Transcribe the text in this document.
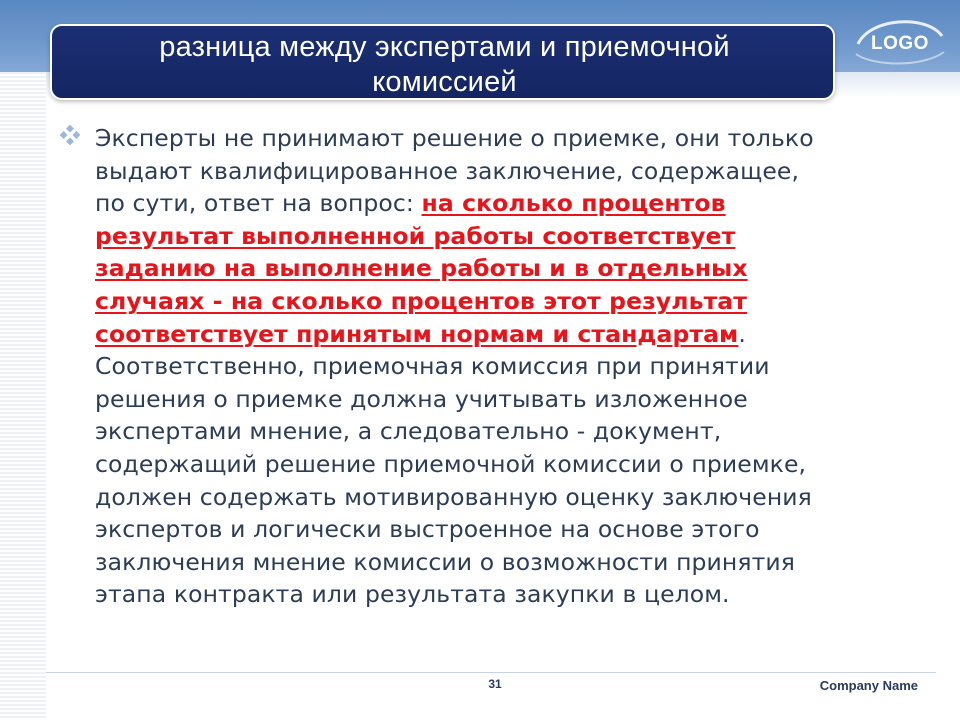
разница между экспертами и приемочной
комиссией
LOGO
Эксперты не принимают решение о приемке, они только
выдают квалифицированное заключение, содержащее,
по сути, ответ на вопрос: на сколько процентов
результат выполненной работы соответствует
заданию на выполнение работы и в отдельных
случаях - на сколько процентов этот результат
соответствует принятым нормам и стандартам.
Соответственно, приемочная комиссия при принятии
решения о приемке должна учитывать изложенное
экспертами мнение, а следовательно - документ,
содержащий решение приемочной комиссии о приемке,
должен содержать мотивированную оценку заключения
экспертов и логически выстроенное на основе этого
заключения мнение комиссии о возможности принятия
этапа контракта или результата закупки в целом.
31	Company Name
